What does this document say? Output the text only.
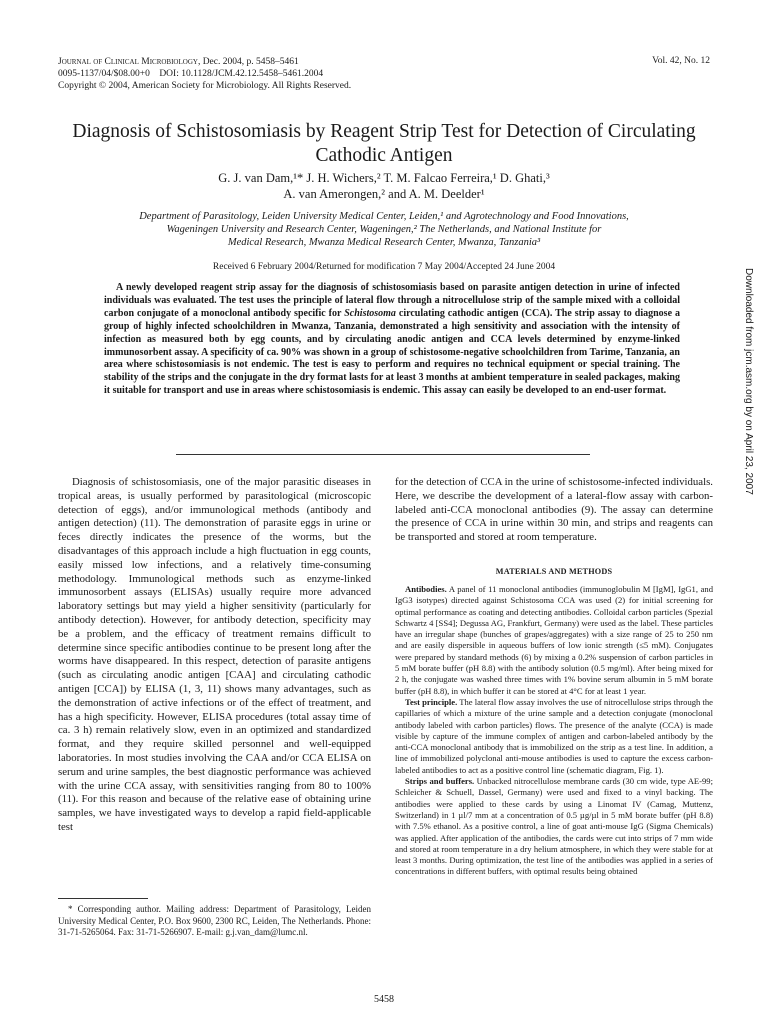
Journal of Clinical Microbiology, Dec. 2004, p. 5458–5461
0095-1137/04/$08.00+0    DOI: 10.1128/JCM.42.12.5458–5461.2004
Copyright © 2004, American Society for Microbiology. All Rights Reserved.
Vol. 42, No. 12
Diagnosis of Schistosomiasis by Reagent Strip Test for Detection of Circulating Cathodic Antigen
G. J. van Dam,¹* J. H. Wichers,² T. M. Falcao Ferreira,¹ D. Ghati,³
A. van Amerongen,² and A. M. Deelder¹
Department of Parasitology, Leiden University Medical Center, Leiden,¹ and Agrotechnology and Food Innovations,
Wageningen University and Research Center, Wageningen,² The Netherlands, and National Institute for
Medical Research, Mwanza Medical Research Center, Mwanza, Tanzania³
Received 6 February 2004/Returned for modification 7 May 2004/Accepted 24 June 2004
A newly developed reagent strip assay for the diagnosis of schistosomiasis based on parasite antigen detection in urine of infected individuals was evaluated. The test uses the principle of lateral flow through a nitrocellulose strip of the sample mixed with a colloidal carbon conjugate of a monoclonal antibody specific for Schistosoma circulating cathodic antigen (CCA). The strip assay to diagnose a group of highly infected schoolchildren in Mwanza, Tanzania, demonstrated a high sensitivity and association with the intensity of infection as measured both by egg counts, and by circulating anodic antigen and CCA levels determined by enzyme-linked immunosorbent assay. A specificity of ca. 90% was shown in a group of schistosome-negative schoolchildren from Tarime, Tanzania, an area where schistosomiasis is not endemic. The test is easy to perform and requires no technical equipment or special training. The stability of the strips and the conjugate in the dry format lasts for at least 3 months at ambient temperature in sealed packages, making it suitable for transport and use in areas where schistosomiasis is endemic. This assay can easily be developed to an end-user format.	Downloaded from jcm.asm.org by on April 23, 2007

Diagnosis of schistosomiasis, one of the major parasitic diseases in tropical areas, is usually performed by parasitological (microscopic detection of eggs), and/or immunological methods (antibody and antigen detection) (11). The demonstration of parasite eggs in urine or feces directly indicates the presence of the worms, but the disadvantages of this approach include a high fluctuation in egg counts, easily missed low infections, and a relatively time-consuming methodology. Immunological methods such as enzyme-linked immunosorbent assays (ELISAs) usually require more advanced laboratory settings but may yield a higher sensitivity (particularly for antibody detection). However, for antibody detection, specificity may be a problem, and the efficacy of treatment remains difficult to determine since specific antibodies continue to be present long after the worms have disappeared. In this respect, detection of parasite antigens (such as circulating anodic antigen [CAA] and circulating cathodic antigen [CCA]) by ELISA (1, 3, 11) shows many advantages, such as the demonstration of active infections or of the effect of treatment, and has a high specificity. However, ELISA procedures (total assay time of ca. 3 h) remain relatively slow, even in an optimized and standardized format, and they require skilled personnel and well-equipped laboratories. In most studies involving the CAA and/or CCA ELISA on serum and urine samples, the best diagnostic performance was achieved with the urine CCA assay, with sensitivities ranging from 80 to 100% (11). For this reason and because of the relative ease of obtaining urine samples, we have investigated ways to develop a rapid field-applicable test

for the detection of CCA in the urine of schistosome-infected individuals. Here, we describe the development of a lateral-flow assay with carbon-labeled anti-CCA monoclonal antibodies (9). The assay can determine the presence of CCA in urine within 30 min, and strips and reagents can be transported and stored at room temperature.

MATERIALS AND METHODS

Antibodies. A panel of 11 monoclonal antibodies (immunoglobulin M [IgM], IgG1, and IgG3 isotypes) directed against Schistosoma CCA was used (2) for initial screening for optimal performance as coating and detecting antibodies. Colloidal carbon particles (Spezial Schwartz 4 [SS4]; Degussa AG, Frankfurt, Germany) were used as the label. These particles have an irregular shape (bunches of grapes/aggregates) with a size range of 25 to 250 nm and are easily dispersible in aqueous buffers of low ionic strength (≤5 mM). Conjugates were prepared by standard methods (6) by mixing a 0.2% suspension of carbon particles in 5 mM borate buffer (pH 8.8) with the antibody solution (0.5 mg/ml). After being mixed for 2 h, the conjugate was washed three times with 1% bovine serum albumin in 5 mM borate buffer (pH 8.8), in which buffer it can be stored at 4°C for at least 1 year.

Test principle. The lateral flow assay involves the use of nitrocellulose strips through the capillaries of which a mixture of the urine sample and a detection conjugate (monoclonal antibody labeled with carbon particles) flows. The presence of the analyte (CCA) is made visible by capture of the immune complex of antigen and carbon-labeled antibody by the anti-CCA monoclonal antibody that is immobilized on the strip as a test line. In addition, a line of immobilized polyclonal anti-mouse antibodies is used to capture the excess carbon-labeled antibodies to act as a positive control line (schematic diagram, Fig. 1).

Strips and buffers. Unbacked nitrocellulose membrane cards (30 cm wide, type AE-99; Schleicher & Schuell, Dassel, Germany) were used and fixed to a vinyl backing. The antibodies were applied to these cards by using a Linomat IV (Camag, Muttenz, Switzerland) in 1 µl/7 mm at a concentration of 0.5 µg/µl in 5 mM borate buffer (pH 8.8) with 7.5% ethanol. As a positive control, a line of goat anti-mouse IgG (Sigma Chemicals) was applied. After application of the antibodies, the cards were cut into strips of 7 mm wide and stored at room temperature in a dry helium atmosphere, in which they were stable for at least 3 months. During optimization, the test line of the antibodies was applied in a series of concentrations in different buffers, with optimal results being obtained

* Corresponding author. Mailing address: Department of Parasitology, Leiden University Medical Center, P.O. Box 9600, 2300 RC, Leiden, The Netherlands. Phone: 31-71-5265064. Fax: 31-71-5266907. E-mail: g.j.van_dam@lumc.nl.
5458
